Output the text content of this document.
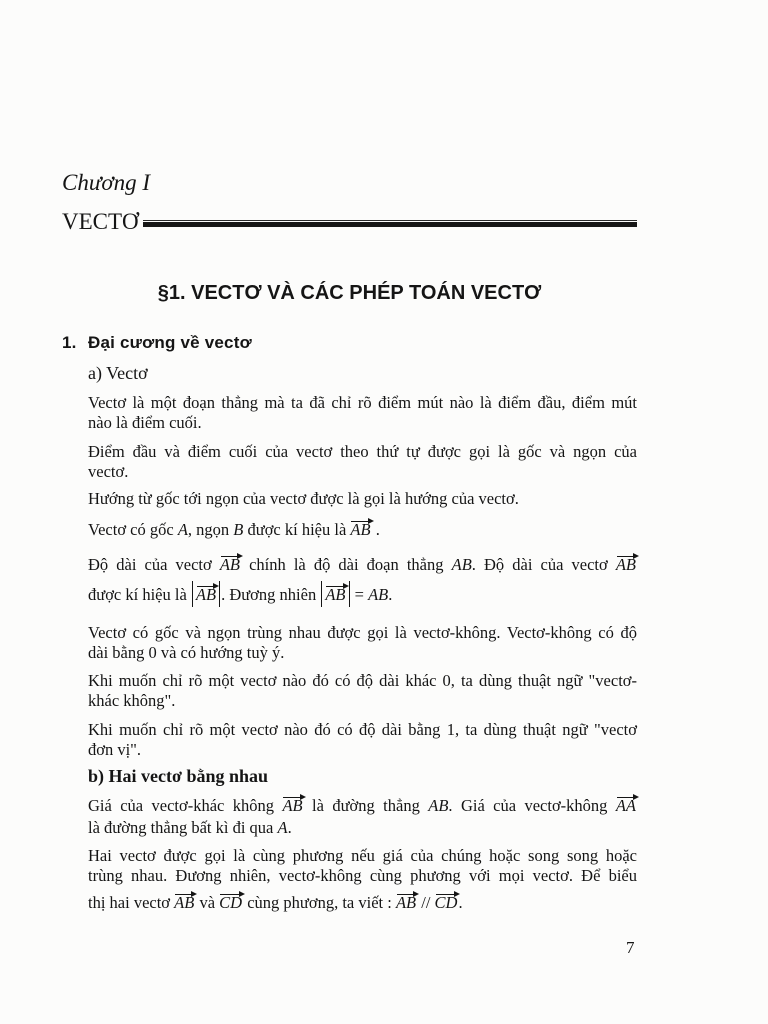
Chương I
VECTƠ
§1. VECTƠ VÀ CÁC PHÉP TOÁN VECTƠ
1. Đại cương về vectơ
a) Vectơ
Vectơ là một đoạn thẳng mà ta đã chỉ rõ điểm mút nào là điểm đầu, điểm mút
nào là điểm cuối.
Điểm đầu và điểm cuối của vectơ theo thứ tự được gọi là gốc và ngọn của
vectơ.
Hướng từ gốc tới ngọn của vectơ được là gọi là hướng của vectơ.
Vectơ có gốc A, ngọn B được kí hiệu là AB .
Độ dài của vectơ AB chính là độ dài đoạn thẳng AB. Độ dài của vectơ AB
được kí hiệu là AB . Đương nhiên AB = AB.
Vectơ có gốc và ngọn trùng nhau được gọi là vectơ-không. Vectơ-không có độ
dài bằng 0 và có hướng tuỳ ý.
Khi muốn chỉ rõ một vectơ nào đó có độ dài khác 0, ta dùng thuật ngữ "vectơ-
khác không".
Khi muốn chỉ rõ một vectơ nào đó có độ dài bằng 1, ta dùng thuật ngữ "vectơ
đơn vị".
b) Hai vectơ bằng nhau
Giá của vectơ-khác không AB là đường thẳng AB. Giá của vectơ-không AA
là đường thẳng bất kì đi qua A.
Hai vectơ được gọi là cùng phương nếu giá của chúng hoặc song song hoặc
trùng nhau. Đương nhiên, vectơ-không cùng phương với mọi vectơ. Để biểu
thị hai vectơ AB và CD cùng phương, ta viết : AB // CD.
7
